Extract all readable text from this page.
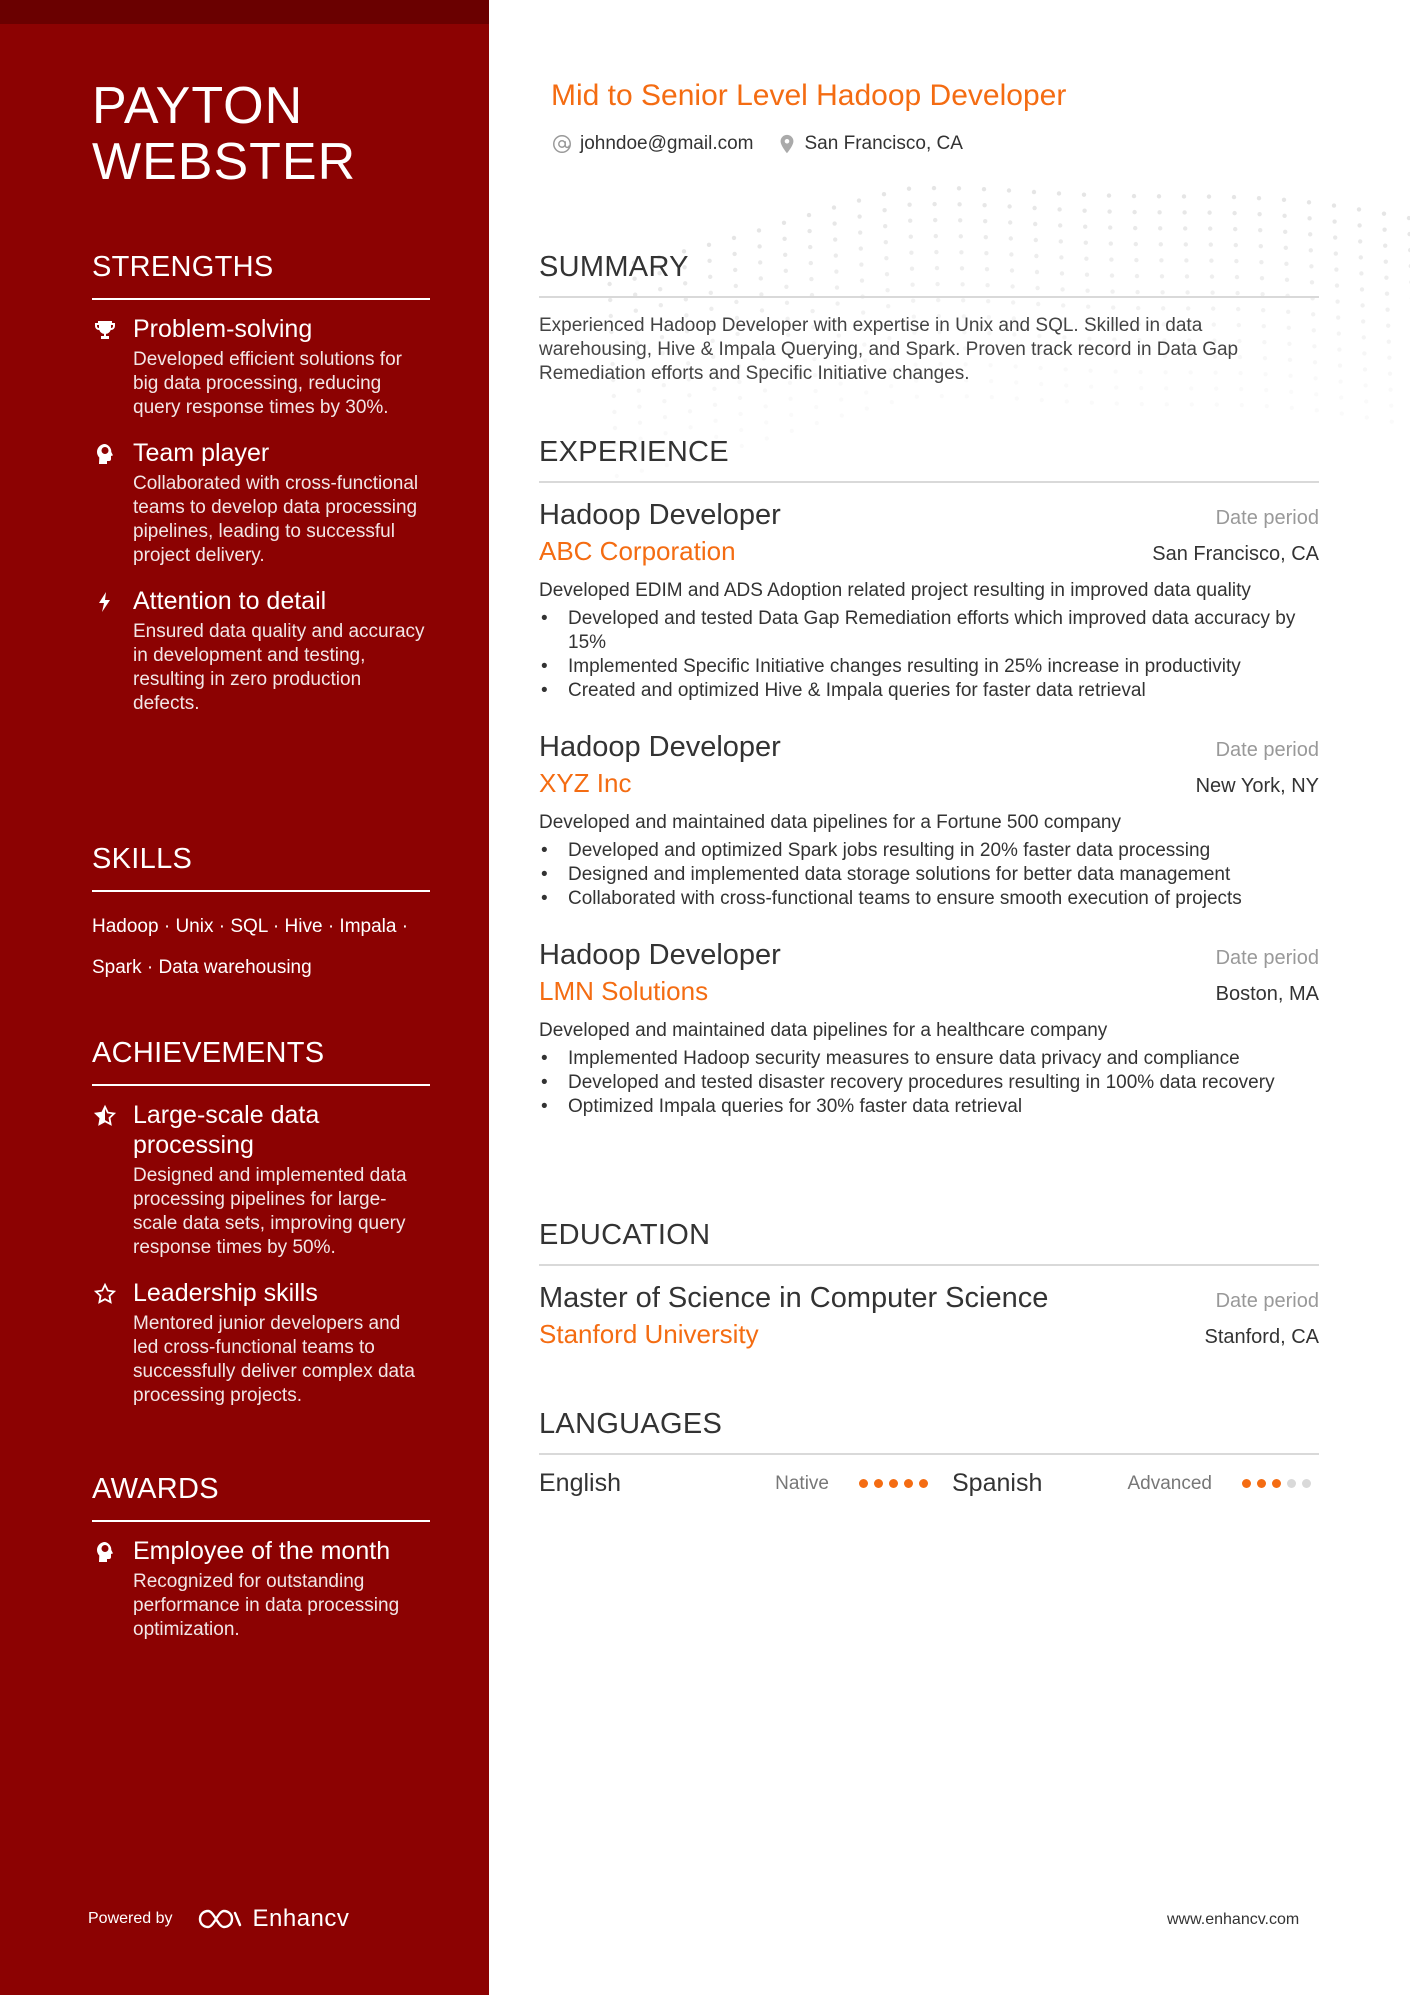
PAYTON
WEBSTER
STRENGTHS
Problem-solving
Developed efficient solutions for big data processing, reducing query response times by 30%.
Team player
Collaborated with cross-functional teams to develop data processing pipelines, leading to successful project delivery.
Attention to detail
Ensured data quality and accuracy in development and testing, resulting in zero production defects.
SKILLS
Hadoop · Unix · SQL · Hive · Impala ·
Spark · Data warehousing
ACHIEVEMENTS
Large-scale data processing
Designed and implemented data processing pipelines for large-scale data sets, improving query response times by 50%.
Leadership skills
Mentored junior developers and led cross-functional teams to successfully deliver complex data processing projects.
AWARDS
Employee of the month
Recognized for outstanding performance in data processing optimization.
Powered by	Enhancv
Mid to Senior Level Hadoop Developer
johndoe@gmail.com	San Francisco, CA
SUMMARY
Experienced Hadoop Developer with expertise in Unix and SQL. Skilled in data warehousing, Hive & Impala Querying, and Spark. Proven track record in Data Gap Remediation efforts and Specific Initiative changes.
EXPERIENCE
Hadoop Developer	Date period
ABC Corporation	San Francisco, CA
Developed EDIM and ADS Adoption related project resulting in improved data quality
• Developed and tested Data Gap Remediation efforts which improved data accuracy by 15%
• Implemented Specific Initiative changes resulting in 25% increase in productivity
• Created and optimized Hive & Impala queries for faster data retrieval
Hadoop Developer	Date period
XYZ Inc	New York, NY
Developed and maintained data pipelines for a Fortune 500 company
• Developed and optimized Spark jobs resulting in 20% faster data processing
• Designed and implemented data storage solutions for better data management
• Collaborated with cross-functional teams to ensure smooth execution of projects
Hadoop Developer	Date period
LMN Solutions	Boston, MA
Developed and maintained data pipelines for a healthcare company
• Implemented Hadoop security measures to ensure data privacy and compliance
• Developed and tested disaster recovery procedures resulting in 100% data recovery
• Optimized Impala queries for 30% faster data retrieval
EDUCATION
Master of Science in Computer Science	Date period
Stanford University	Stanford, CA
LANGUAGES
English	Native	Spanish	Advanced
www.enhancv.com
